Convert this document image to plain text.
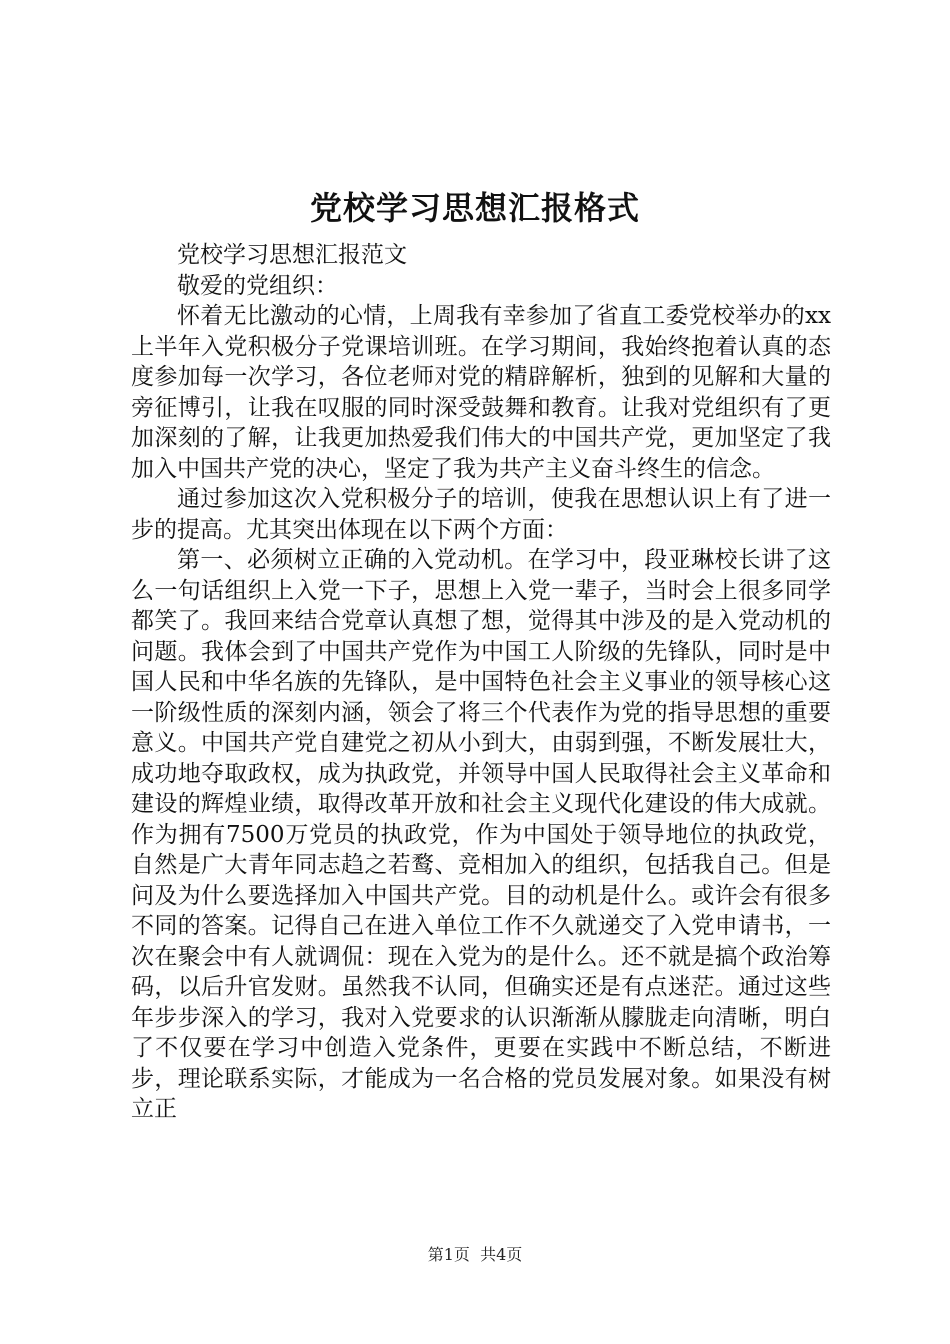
党校学习思想汇报格式

党校学习思想汇报范文

敬爱的党组织：

怀着无比激动的心情，上周我有幸参加了省直工委党校举办的xx上半年入党积极分子党课培训班。在学习期间，我始终抱着认真的态度参加每一次学习，各位老师对党的精辟解析，独到的见解和大量的旁征博引，让我在叹服的同时深受鼓舞和教育。让我对党组织有了更加深刻的了解，让我更加热爱我们伟大的中国共产党，更加坚定了我加入中国共产党的决心，坚定了我为共产主义奋斗终生的信念。

通过参加这次入党积极分子的培训，使我在思想认识上有了进一步的提高。尤其突出体现在以下两个方面：

第一、必须树立正确的入党动机。在学习中，段亚琳校长讲了这么一句话组织上入党一下子，思想上入党一辈子，当时会上很多同学都笑了。我回来结合党章认真想了想，觉得其中涉及的是入党动机的问题。我体会到了中国共产党作为中国工人阶级的先锋队，同时是中国人民和中华名族的先锋队，是中国特色社会主义事业的领导核心这一阶级性质的深刻内涵，领会了将三个代表作为党的指导思想的重要意义。中国共产党自建党之初从小到大，由弱到强，不断发展壮大，成功地夺取政权，成为执政党，并领导中国人民取得社会主义革命和建设的辉煌业绩，取得改革开放和社会主义现代化建设的伟大成就。作为拥有7500万党员的执政党，作为中国处于领导地位的执政党，自然是广大青年同志趋之若鹜、竞相加入的组织，包括我自己。但是问及为什么要选择加入中国共产党。目的动机是什么。或许会有很多不同的答案。记得自己在进入单位工作不久就递交了入党申请书，一次在聚会中有人就调侃：现在入党为的是什么。还不就是搞个政治筹码，以后升官发财。虽然我不认同，但确实还是有点迷茫。通过这些年步步深入的学习，我对入党要求的认识渐渐从朦胧走向清晰，明白了不仅要在学习中创造入党条件，更要在实践中不断总结，不断进步，理论联系实际，才能成为一名合格的党员发展对象。如果没有树立正

第1页 共4页
